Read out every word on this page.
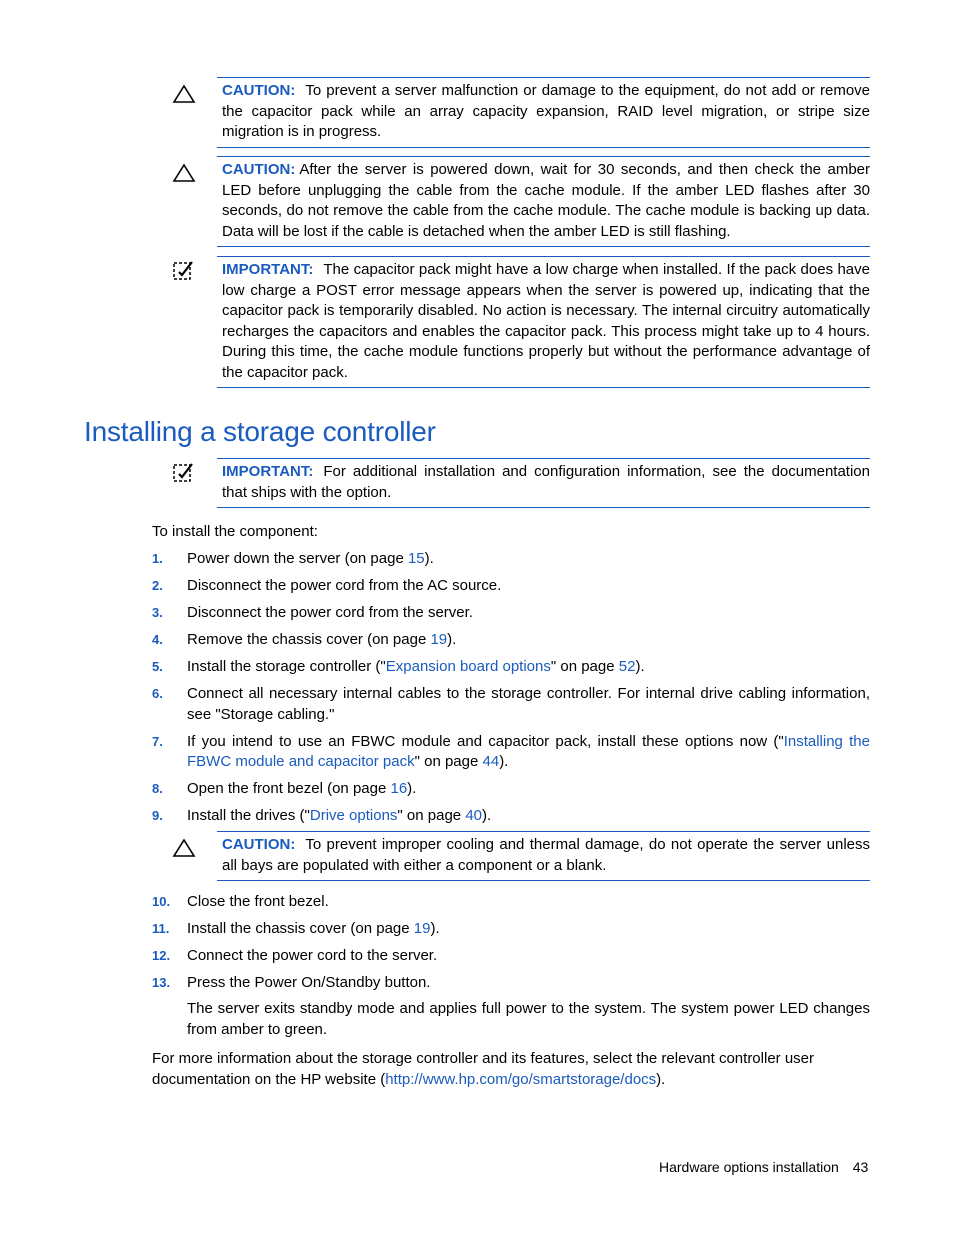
CAUTION: To prevent a server malfunction or damage to the equipment, do not add or remove the capacitor pack while an array capacity expansion, RAID level migration, or stripe size migration is in progress.

CAUTION: After the server is powered down, wait for 30 seconds, and then check the amber LED before unplugging the cable from the cache module. If the amber LED flashes after 30 seconds, do not remove the cable from the cache module. The cache module is backing up data. Data will be lost if the cable is detached when the amber LED is still flashing.

IMPORTANT: The capacitor pack might have a low charge when installed. If the pack does have low charge a POST error message appears when the server is powered up, indicating that the capacitor pack is temporarily disabled. No action is necessary. The internal circuitry automatically recharges the capacitors and enables the capacitor pack. This process might take up to 4 hours. During this time, the cache module functions properly but without the performance advantage of the capacitor pack.

Installing a storage controller

IMPORTANT: For additional installation and configuration information, see the documentation that ships with the option.

To install the component:

1. Power down the server (on page 15).
2. Disconnect the power cord from the AC source.
3. Disconnect the power cord from the server.
4. Remove the chassis cover (on page 19).
5. Install the storage controller ("Expansion board options" on page 52).
6. Connect all necessary internal cables to the storage controller. For internal drive cabling information, see "Storage cabling."
7. If you intend to use an FBWC module and capacitor pack, install these options now ("Installing the FBWC module and capacitor pack" on page 44).
8. Open the front bezel (on page 16).
9. Install the drives ("Drive options" on page 40).

CAUTION: To prevent improper cooling and thermal damage, do not operate the server unless all bays are populated with either a component or a blank.

10. Close the front bezel.
11. Install the chassis cover (on page 19).
12. Connect the power cord to the server.
13. Press the Power On/Standby button.

The server exits standby mode and applies full power to the system. The system power LED changes from amber to green.

For more information about the storage controller and its features, select the relevant controller user documentation on the HP website (http://www.hp.com/go/smartstorage/docs).

Hardware options installation 43
